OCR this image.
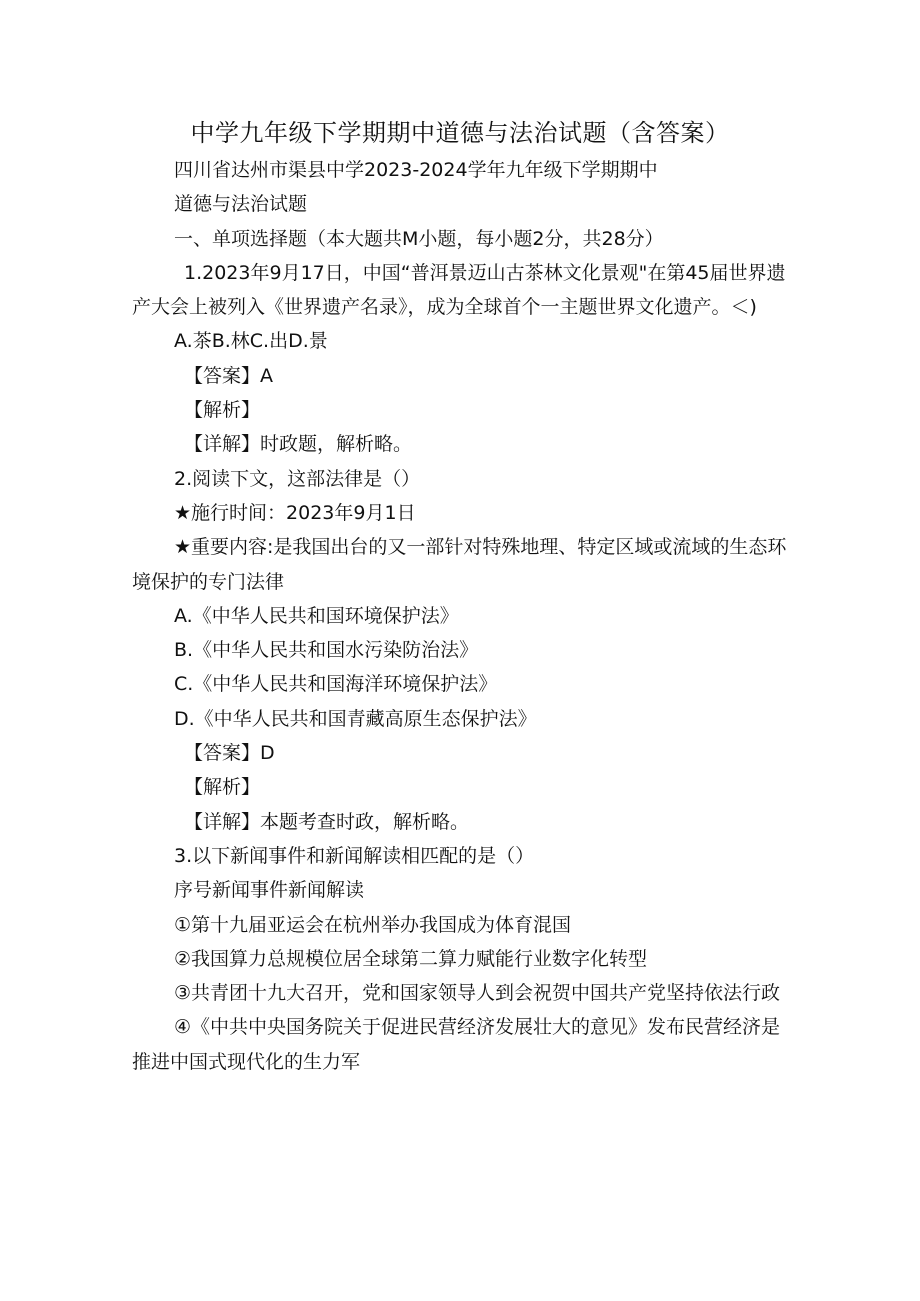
中学九年级下学期期中道德与法治试题（含答案）

四川省达州市渠县中学2023-2024学年九年级下学期期中

道德与法治试题

一、单项选择题（本大题共M小题，每小题2分，共28分）

1.2023年9月17日，中国“普洱景迈山古茶林文化景观"在第45届世界遗产大会上被列入《世界遗产名录》，成为全球首个一主题世界文化遗产。＜)

A.茶B.林C.出D.景

【答案】A

【解析】

【详解】时政题，解析略。

2.阅读下文，这部法律是（）

★施行时间：2023年9月1日

★重要内容:是我国出台的又一部针对特殊地理、特定区域或流域的生态环境保护的专门法律

A.《中华人民共和国环境保护法》

B.《中华人民共和国水污染防治法》

C.《中华人民共和国海洋环境保护法》

D.《中华人民共和国青藏高原生态保护法》

【答案】D

【解析】

【详解】本题考查时政，解析略。

3.以下新闻事件和新闻解读相匹配的是（）

序号新闻事件新闻解读

①第十九届亚运会在杭州举办我国成为体育混国

②我国算力总规模位居全球第二算力赋能行业数字化转型

③共青团十九大召开，党和国家领导人到会祝贺中国共产党坚持依法行政

④《中共中央国务院关于促进民营经济发展壮大的意见》发布民营经济是推进中国式现代化的生力军
